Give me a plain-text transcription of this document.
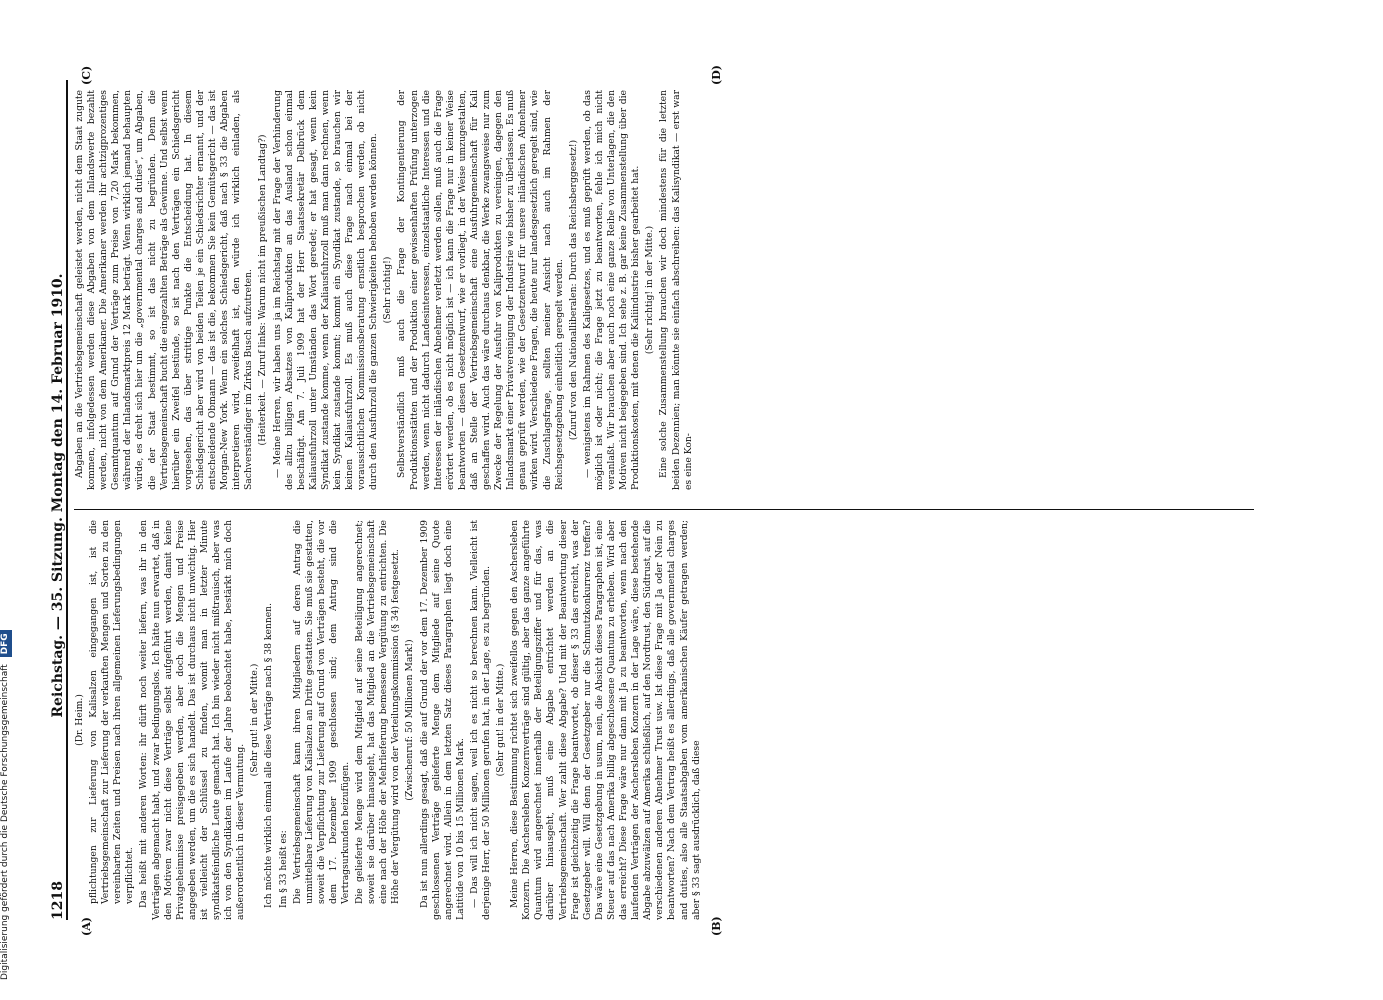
1218
Reichstag. — 35. Sitzung. Montag den 14. Februar 1910.
(A)	(B)
(C)	(D)

(Dr. Heim.) pflichtungen zur Lieferung von Kalisalzen eingegangen ist, ist die Vertriebsgemeinschaft zur Lieferung der verkauften Mengen und Sorten zu den vereinbarten Zeiten und Preisen nach ihren allgemeinen Lieferungsbedingungen verpflichtet. Das heißt mit anderen Worten: ihr dürft noch weiter liefern, was ihr in den Verträgen abgemacht habt, und zwar bedingungslos. Ich hätte nun erwartet, daß in den Motiven zwar nicht diese Verträge selbst aufgeführt werden, damit keine Privatgeheimnisse preisgegeben werden, aber doch die Mengen und Preise angegeben werden, um die es sich handelt. Das ist durchaus nicht unwichtig. Hier ist vielleicht der Schlüssel zu finden, womit man in letzter Minute syndikatsfeindliche Leute gemacht hat. Ich bin wieder nicht mißtrauisch, aber was ich von den Syndikaten im Laufe der Jahre beobachtet habe, bestärkt mich doch außerordentlich in dieser Vermutung.

(Sehr gut! in der Mitte.) Ich möchte wirklich einmal alle diese Verträge nach § 38 kennen. Im § 33 heißt es: Die Vertriebsgemeinschaft kann ihren Mitgliedern auf deren Antrag die unmittelbare Lieferung von Kalisalzen an Dritte gestatten. Sie muß sie gestatten, soweit die Verpflichtung zur Lieferung auf Grund von Verträgen besteht, die vor dem 17. Dezember 1909 geschlossen sind; dem Antrag sind die Vertragsurkunden beizufügen. Die gelieferte Menge wird dem Mitglied auf seine Beteiligung angerechnet; soweit sie darüber hinausgeht, hat das Mitglied an die Vertriebsgemeinschaft eine nach der Höhe der Mehrlieferung bemessene Vergütung zu entrichten. Die Höhe der Vergütung wird von der Verteilungskommission (§ 34) festgesetzt. (Zwischenruf: 50 Millionen Mark!) Da ist nun allerdings gesagt, daß die auf Grund der vor dem 17. Dezember 1909 geschlossenen Verträge gelieferte Menge dem Mitgliede auf seine Quote angerechnet wird. Allein in dem letzten Satz dieses Paragraphen liegt doch eine Latitüde von 10 bis 15 Millionen Mark. — Das will ich nicht sagen, weil ich es nicht so berechnen kann. Vielleicht ist derjenige Herr, der 50 Millionen gerufen hat, in der Lage, es zu begründen. (Sehr gut! in der Mitte.) Meine Herren, diese Bestimmung richtet sich zweifellos gegen den Aschersleben Konzern. Die Aschersleben Konzernverträge sind gültig, aber das ganze angeführte Quantum wird angerechnet innerhalb der Beteiligungsziffer und für das, was darüber hinausgeht, muß eine Abgabe entrichtet werden an die Vertriebsgemeinschaft. Wer zahlt diese Abgabe? Und mit der Beantwortung dieser Frage ist gleichzeitig die Frage beantwortet, ob dieser § 33 das erreicht, was der Gesetzgeber will. Will denn der Gesetzgeber nur die Schmutzkonkurrenz treffen? Das wäre eine Gesetzgebung in usum, nein, die Absicht dieses Paragraphen ist, eine Steuer auf das nach Amerika billig abgeschlossene Quantum zu erheben. Wird aber das erreicht? Diese Frage wäre nur dann mit Ja zu beantworten, wenn nach den laufenden Verträgen der Aschersleben Konzern in der Lage wäre, diese bestehende Abgabe abzuwälzen auf Amerika schließlich, auf den Nordtrust, den Südtrust, auf die verschiedenen anderen Abnehmer Trust usw. Ist diese Frage mit Ja oder Nein zu beantworten? Nach dem Vertrag heißt es allerdings, daß alle governmental charges and duties, also alle Staatsabgaben vom amerikanischen Käufer getragen werden; aber § 33 sagt ausdrücklich, daß diese

Abgaben an die Vertriebsgemeinschaft geleistet werden, nicht dem Staat zugute kommen, infolgedessen werden diese Abgaben von dem Inlandswerte bezahlt werden, nicht von dem Amerikaner. Die Amerikaner werden ihr achtzigprozentiges Gesamtquantum auf Grund der Verträge zum Preise von 7,20 Mark bekommen, während der Inlandsmarktpreis 12 Mark beträgt. Wenn wirklich jemand behaupten würde, es dreht sich hier um die „governmental charges and duties“, um Abgaben, die der Staat bestimmt, so ist das nicht zu begründen. Denn die Vertriebsgemeinschaft bucht die eingezahlten Beträge als Gewinne. Und selbst wenn hierüber ein Zweifel bestünde, so ist nach den Verträgen ein Schiedsgericht vorgesehen, das über strittige Punkte die Entscheidung hat. In diesem Schiedsgericht aber wird von beiden Teilen je ein Schiedsrichter ernannt, und der entscheidende Obmann — das ist die, bekommen Sie kein Gemütsgericht — das ist Morgan-New York. Wenn ein solches Schiedsgericht, daß nach § 33 die Abgaben interpretieren wird, zweifelhaft ist, den würde ich wirklich einladen, als Sachverständiger im Zirkus Busch aufzutreten. (Heiterkeit. — Zuruf links: Warum nicht im preußischen Landtag?) — Meine Herren, wir haben uns ja im Reichstag mit der Frage der Verhinderung des allzu billigen Absatzes von Kaliprodukten an das Ausland schon einmal beschäftigt. Am 7. Juli 1909 hat der Herr Staatssekretär Delbrück dem Kaliausfuhrzoll unter Umständen das Wort geredet; er hat gesagt, wenn kein Syndikat zustande komme, wenn der Kaliausfuhrzoll muß man dann rechnen, wenn kein Syndikat zustande kommt; kommt ein Syndikat zustande, so brauchen wir keinen Kaliausfuhrzoll. Es muß auch diese Frage nach einmal bei der voraussichtlichen Kommissionsberatung ernstlich besprochen werden, ob nicht durch den Ausfuhrzoll die ganzen Schwierigkeiten behoben werden können. (Sehr richtig!) Selbstverständlich muß auch die Frage der Kontingentierung der Produktionsstätten und der Produktion einer gewissenhaften Prüfung unterzogen werden, wenn nicht dadurch Landesinteressen, einzelstaatliche Interessen und die Interessen der inländischen Abnehmer verletzt werden sollen, muß auch die Frage erörtert werden, ob es nicht möglich ist — ich kann die Frage nur in keiner Weise beantworten — diesen Gesetzentwurf, wie er vorliegt, in der Weise umzugestalten, daß an Stelle der Vertriebsgemeinschaft eine Ausfuhrgemeinschaft für Kali geschaffen wird. Auch das wäre durchaus denkbar, die Werke zwangsweise nur zum Zwecke der Regelung der Ausfuhr von Kaliprodukten zu vereinigen, dagegen den Inlandsmarkt einer Privatvereinigung der Industrie wie bisher zu überlassen. Es muß genau geprüft werden, wie der Gesetzentwurf für unsere inländischen Abnehmer wirken wird. Verschiedene Fragen, die heute nur landesgesetzlich geregelt sind, wie die Zuschlagsfrage, sollten meiner Ansicht nach auch im Rahmen der Reichsgesetzgebung einheitlich geregelt werden. (Zuruf von den Nationalliberalen: Durch das Reichsberggesetz!) — wenigstens im Rahmen des Kaligesetzes, und es muß geprüft werden, ob das möglich ist oder nicht; die Frage jetzt zu beantworten, fehle ich mich nicht veranlaßt. Wir brauchen aber auch noch eine ganze Reihe von Unterlagen, die den Motiven nicht beigegeben sind. Ich sehe z. B. gar keine Zusammenstellung über die Produktionskosten, mit denen die Kaliindustrie bisher gearbeitet hat. (Sehr richtig! in der Mitte.) Eine solche Zusammenstellung brauchen wir doch mindestens für die letzten beiden Dezennien; man könnte sie einfach abschreiben: das Kalisyndikat — erst war es eine Kon-

Digitalisierung gefördert durch die Deutsche Forschungsgemeinschaft DFG
